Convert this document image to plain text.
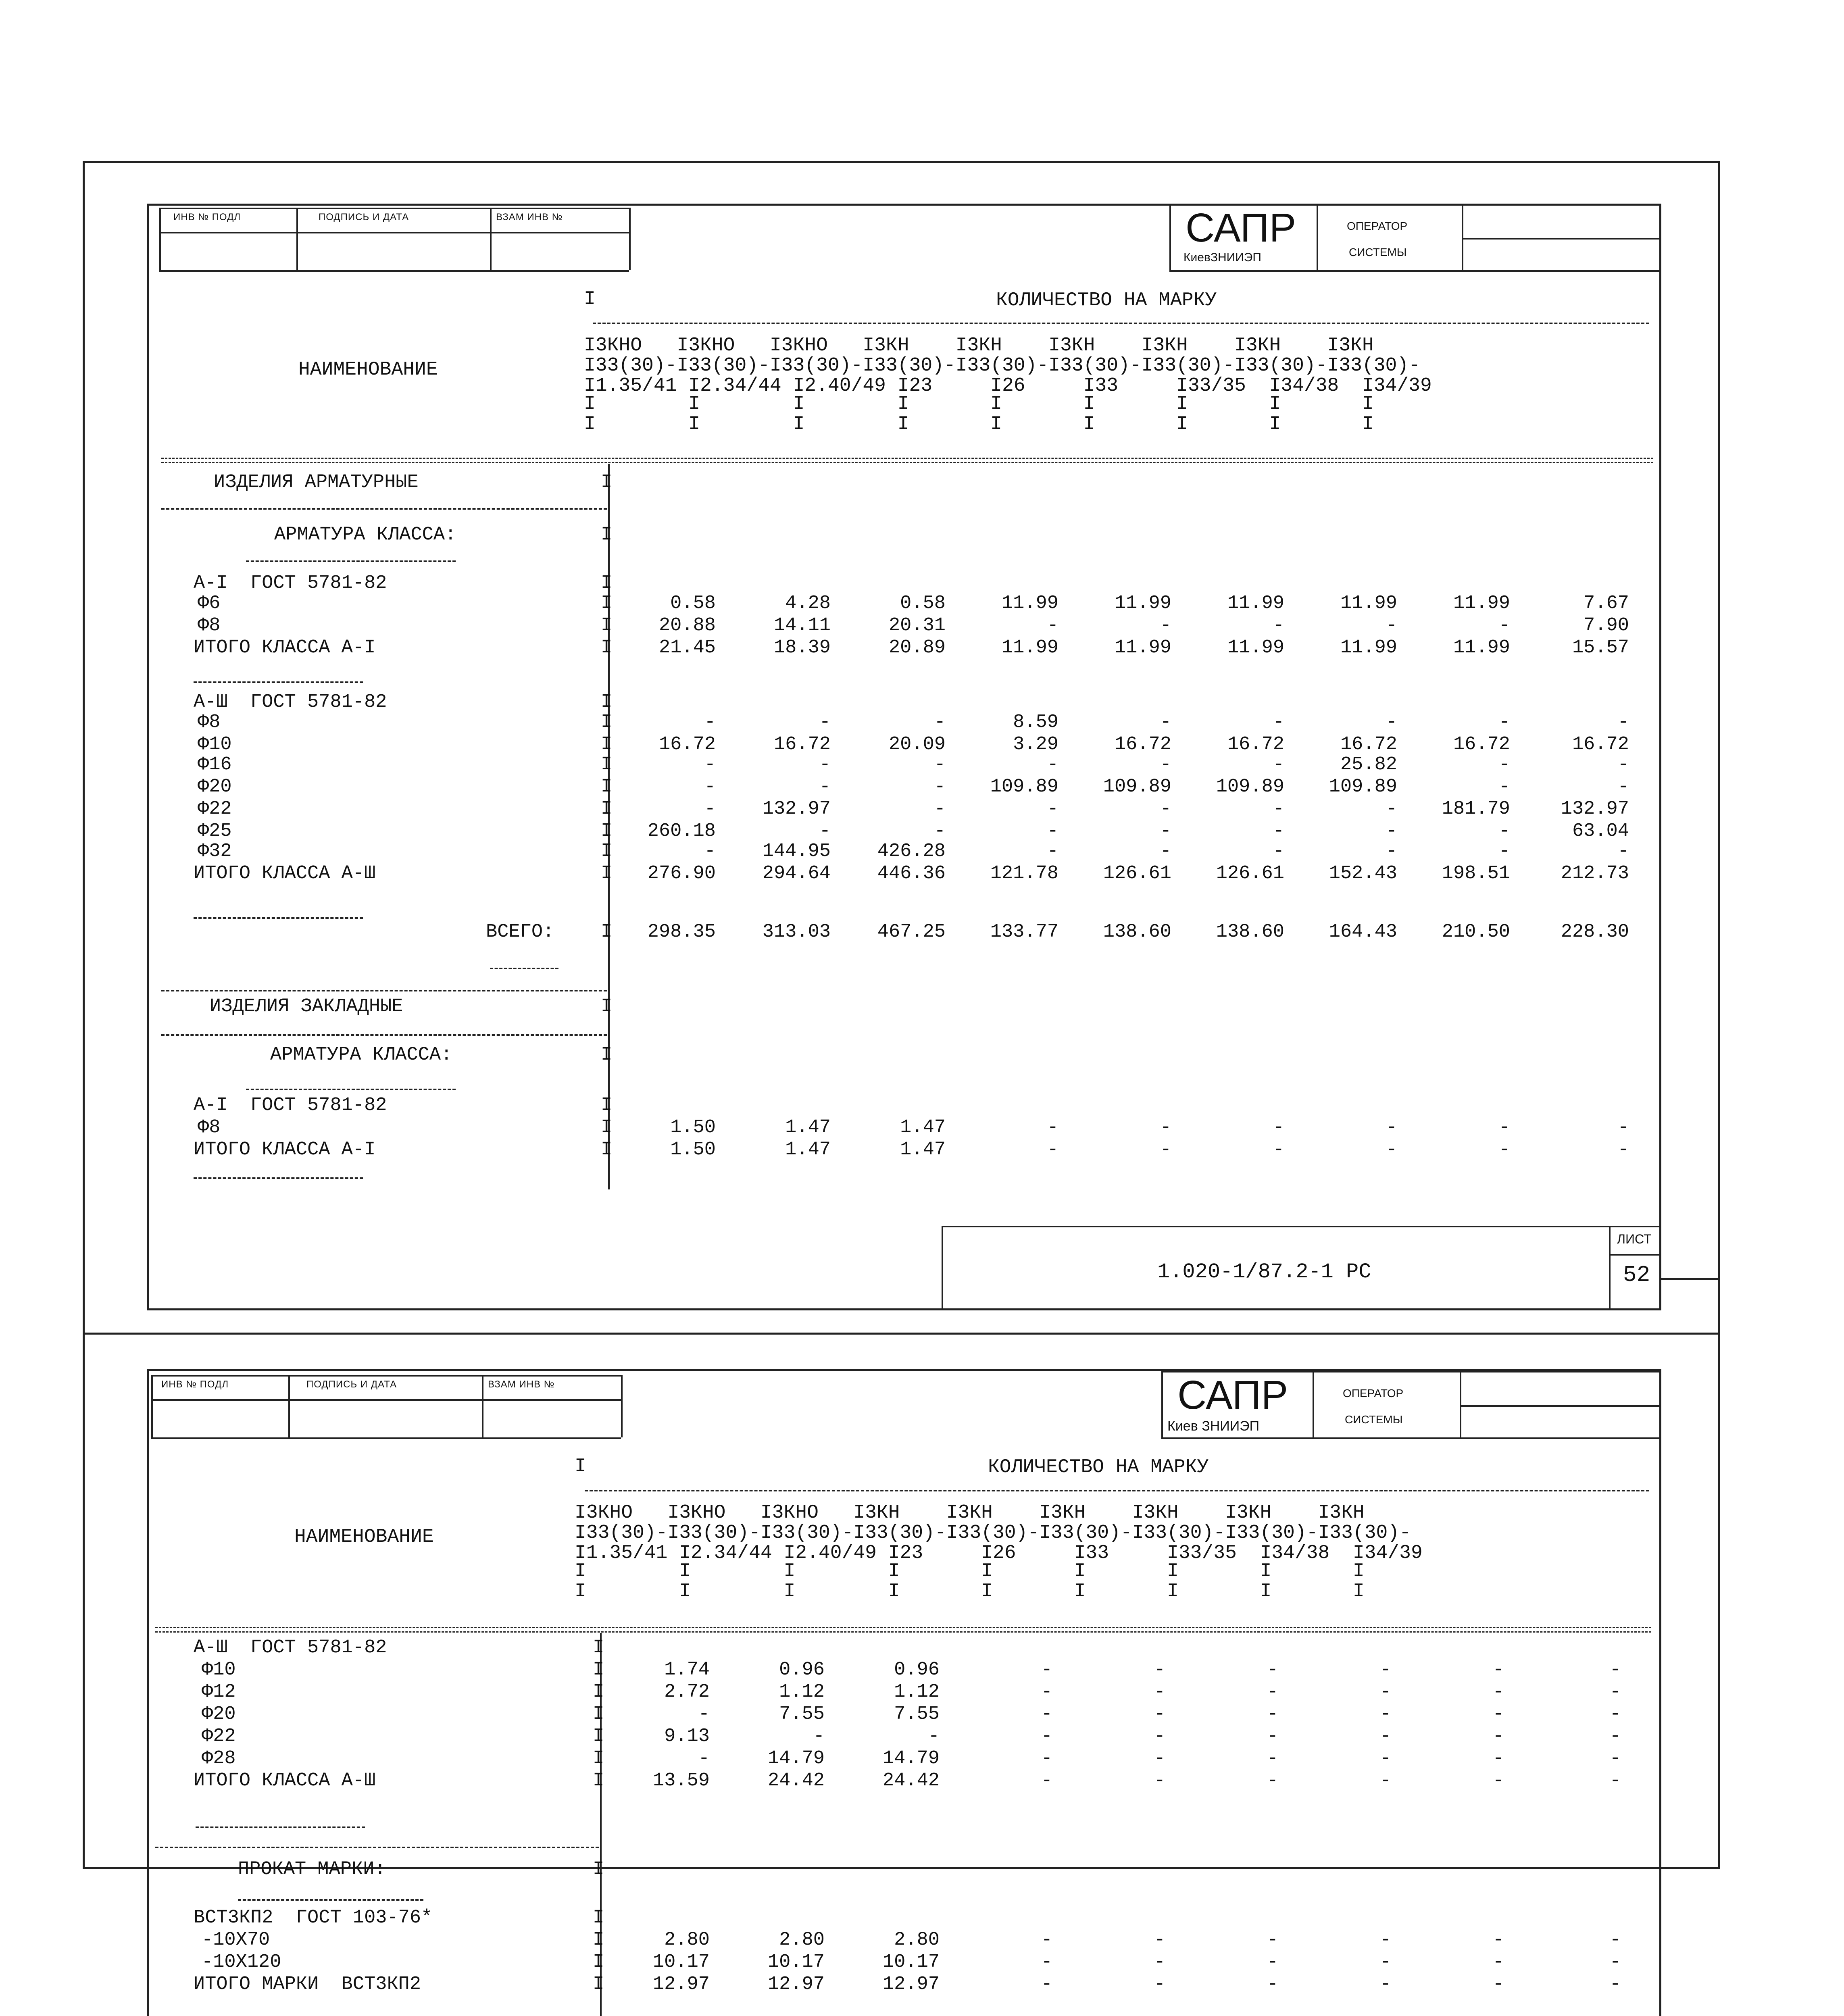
ИНВ № ПОДЛ	ПОДПИСЬ И ДАТА	ВЗАМ ИНВ №	САПР
КиевЗНИИЭП
ОПЕРАТОР
СИСТЕМЫ
I	КОЛИЧЕСТВО НА МАРКУ
НАИМЕНОВАНИЕ
I3КНО   I3КНО   I3КНО   I3КН    I3КН    I3КН    I3КН    I3КН    I3КН
I33(30)-I33(30)-I33(30)-I33(30)-I33(30)-I33(30)-I33(30)-I33(30)-I33(30)-
I1.35/41 I2.34/44 I2.40/49 I23     I26     I33     I33/35  I34/38  I34/39
I        I        I        I       I       I       I       I       I
I        I        I        I       I       I       I       I       I
ИЗДЕЛИЯ АРМАТУРНЫЕ	I
АРМАТУРА КЛАССА:	I
А-I  ГОСТ 5781-82	I
Ф6	I	0.58	4.28	0.58	11.99	11.99	11.99	11.99	11.99	7.67
Ф8	I	20.88	14.11	20.31	-	-	-	-	-	7.90
ИТОГО КЛАССА А-I	I	21.45	18.39	20.89	11.99	11.99	11.99	11.99	11.99	15.57
А-Ш  ГОСТ 5781-82	I
Ф8	I	-	-	-	8.59	-	-	-	-	-
Ф10	I	16.72	16.72	20.09	3.29	16.72	16.72	16.72	16.72	16.72
Ф16	I	-	-	-	-	-	-	25.82	-	-
Ф20	I	-	-	-	109.89	109.89	109.89	109.89	-	-
Ф22	I	-	132.97	-	-	-	-	-	181.79	132.97
Ф25	I	260.18	-	-	-	-	-	-	-	63.04
Ф32	I	-	144.95	426.28	-	-	-	-	-	-
ИТОГО КЛАССА А-Ш	I	276.90	294.64	446.36	121.78	126.61	126.61	152.43	198.51	212.73
ВСЕГО: I	298.35	313.03	467.25	133.77	138.60	138.60	164.43	210.50	228.30
ИЗДЕЛИЯ ЗАКЛАДНЫЕ	I
АРМАТУРА КЛАССА:	I
А-I  ГОСТ 5781-82	I
Ф8	I	1.50	1.47	1.47	-	-	-	-	-	-
ИТОГО КЛАССА А-I	I	1.50	1.47	1.47	-	-	-	-	-	-
1.020-1/87.2-1 РС
ЛИСТ
52
ИНВ № ПОДЛ	ПОДПИСЬ И ДАТА	ВЗАМ ИНВ №	САПР
Киев ЗНИИЭП
ОПЕРАТОР
СИСТЕМЫ
I	КОЛИЧЕСТВО НА МАРКУ
НАИМЕНОВАНИЕ
I3КНО   I3КНО   I3КНО   I3КН    I3КН    I3КН    I3КН    I3КН    I3КН
I33(30)-I33(30)-I33(30)-I33(30)-I33(30)-I33(30)-I33(30)-I33(30)-I33(30)-
I1.35/41 I2.34/44 I2.40/49 I23     I26     I33     I33/35  I34/38  I34/39
I        I        I        I       I       I       I       I       I
I        I        I        I       I       I       I       I       I
А-Ш  ГОСТ 5781-82	I
Ф10	I	1.74	0.96	0.96	-	-	-	-	-	-
Ф12	I	2.72	1.12	1.12	-	-	-	-	-	-
Ф20	I	-	7.55	7.55	-	-	-	-	-	-
Ф22	I	9.13	-	-	-	-	-	-	-	-
Ф28	I	-	14.79	14.79	-	-	-	-	-	-
ИТОГО КЛАССА А-Ш	I	13.59	24.42	24.42	-	-	-	-	-	-
ПРОКАТ МАРКИ:	I
ВСТ3КП2  ГОСТ 103-76*	I
-10Х70	I	2.80	2.80	2.80	-	-	-	-	-	-
-10Х120	I	10.17	10.17	10.17	-	-	-	-	-	-
ИТОГО МАРКИ  ВСТ3КП2	I	12.97	12.97	12.97	-	-	-	-	-	-
